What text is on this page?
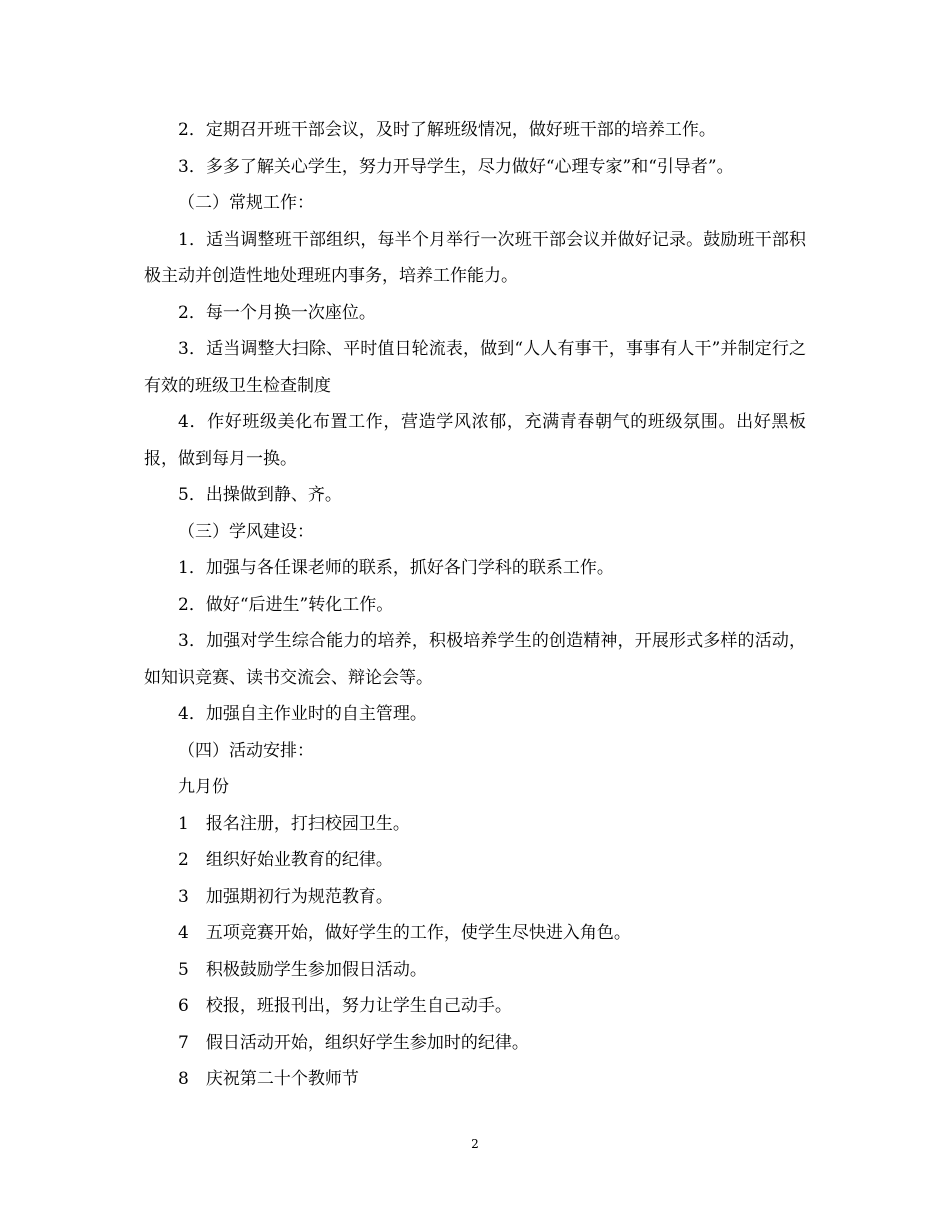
2．定期召开班干部会议，及时了解班级情况，做好班干部的培养工作。

3．多多了解关心学生，努力开导学生，尽力做好“心理专家”和“引导者”。

（二）常规工作：

1．适当调整班干部组织，每半个月举行一次班干部会议并做好记录。鼓励班干部积极主动并创造性地处理班内事务，培养工作能力。

2．每一个月换一次座位。

3．适当调整大扫除、平时值日轮流表，做到“人人有事干，事事有人干”并制定行之有效的班级卫生检查制度

4．作好班级美化布置工作，营造学风浓郁，充满青春朝气的班级氛围。出好黑板报，做到每月一换。

5．出操做到静、齐。

（三）学风建设：

1．加强与各任课老师的联系，抓好各门学科的联系工作。

2．做好“后进生”转化工作。

3．加强对学生综合能力的培养，积极培养学生的创造精神，开展形式多样的活动，如知识竞赛、读书交流会、辩论会等。

4．加强自主作业时的自主管理。

（四）活动安排：

九月份

1　报名注册，打扫校园卫生。

2　组织好始业教育的纪律。

3　加强期初行为规范教育。

4　五项竞赛开始，做好学生的工作，使学生尽快进入角色。

5　积极鼓励学生参加假日活动。

6　校报，班报刊出，努力让学生自己动手。

7　假日活动开始，组织好学生参加时的纪律。

8　庆祝第二十个教师节

2
